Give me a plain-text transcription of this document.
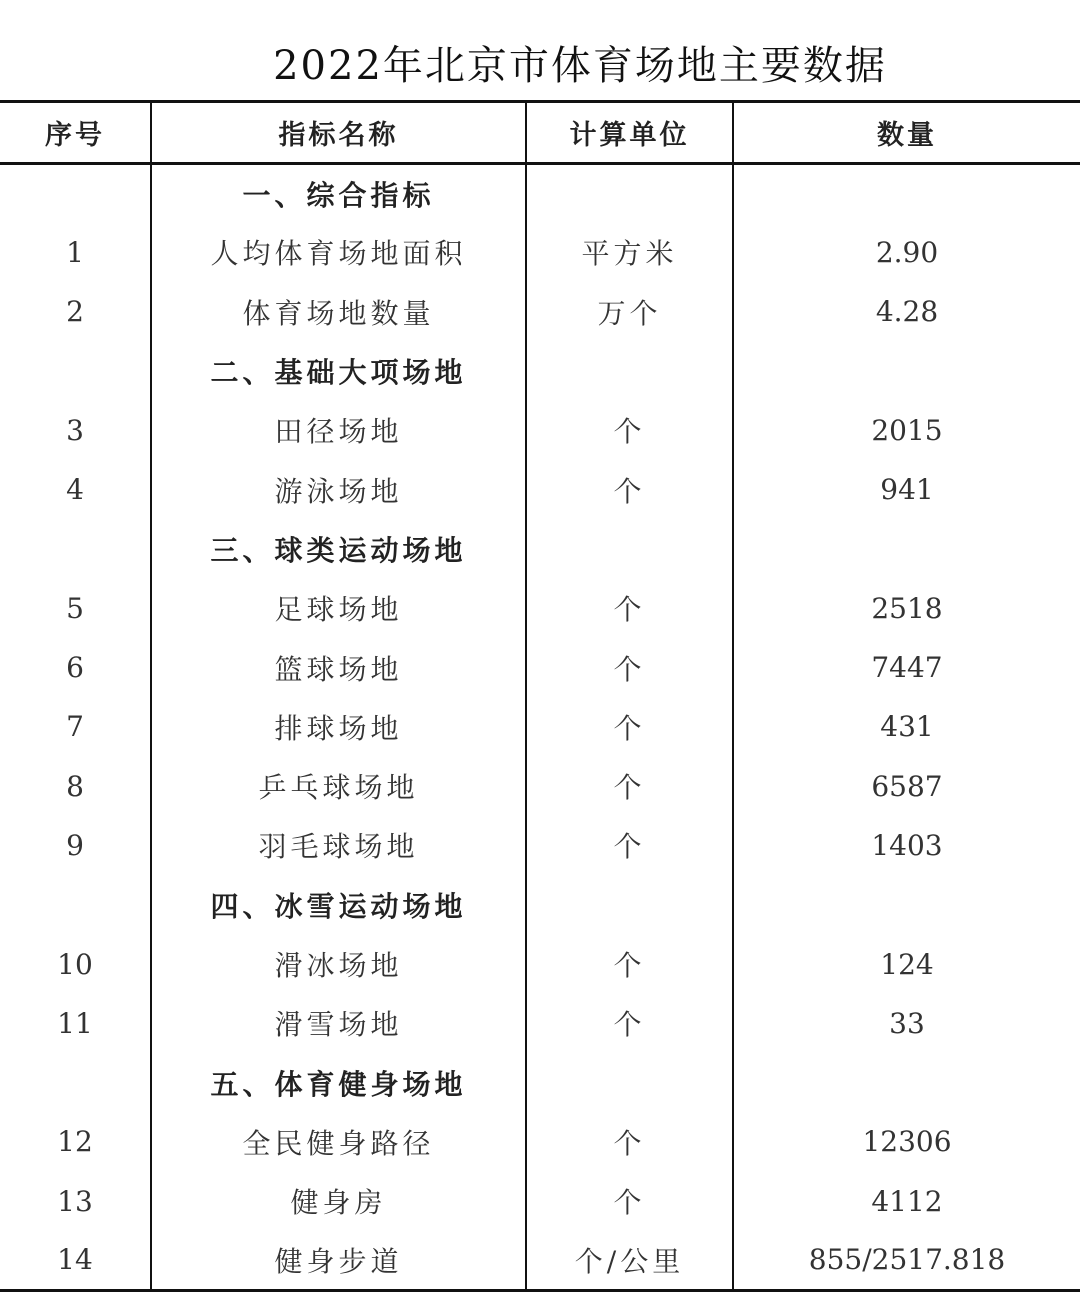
2022年北京市体育场地主要数据
序号	指标名称	计算单位	数量
	一、综合指标		
1	人均体育场地面积	平方米	2.90
2	体育场地数量	万个	4.28
	二、基础大项场地		
3	田径场地	个	2015
4	游泳场地	个	941
	三、球类运动场地		
5	足球场地	个	2518
6	篮球场地	个	7447
7	排球场地	个	431
8	乒乓球场地	个	6587
9	羽毛球场地	个	1403
	四、冰雪运动场地		
10	滑冰场地	个	124
11	滑雪场地	个	33
	五、体育健身场地		
12	全民健身路径	个	12306
13	健身房	个	4112
14	健身步道	个/公里	855/2517.818
